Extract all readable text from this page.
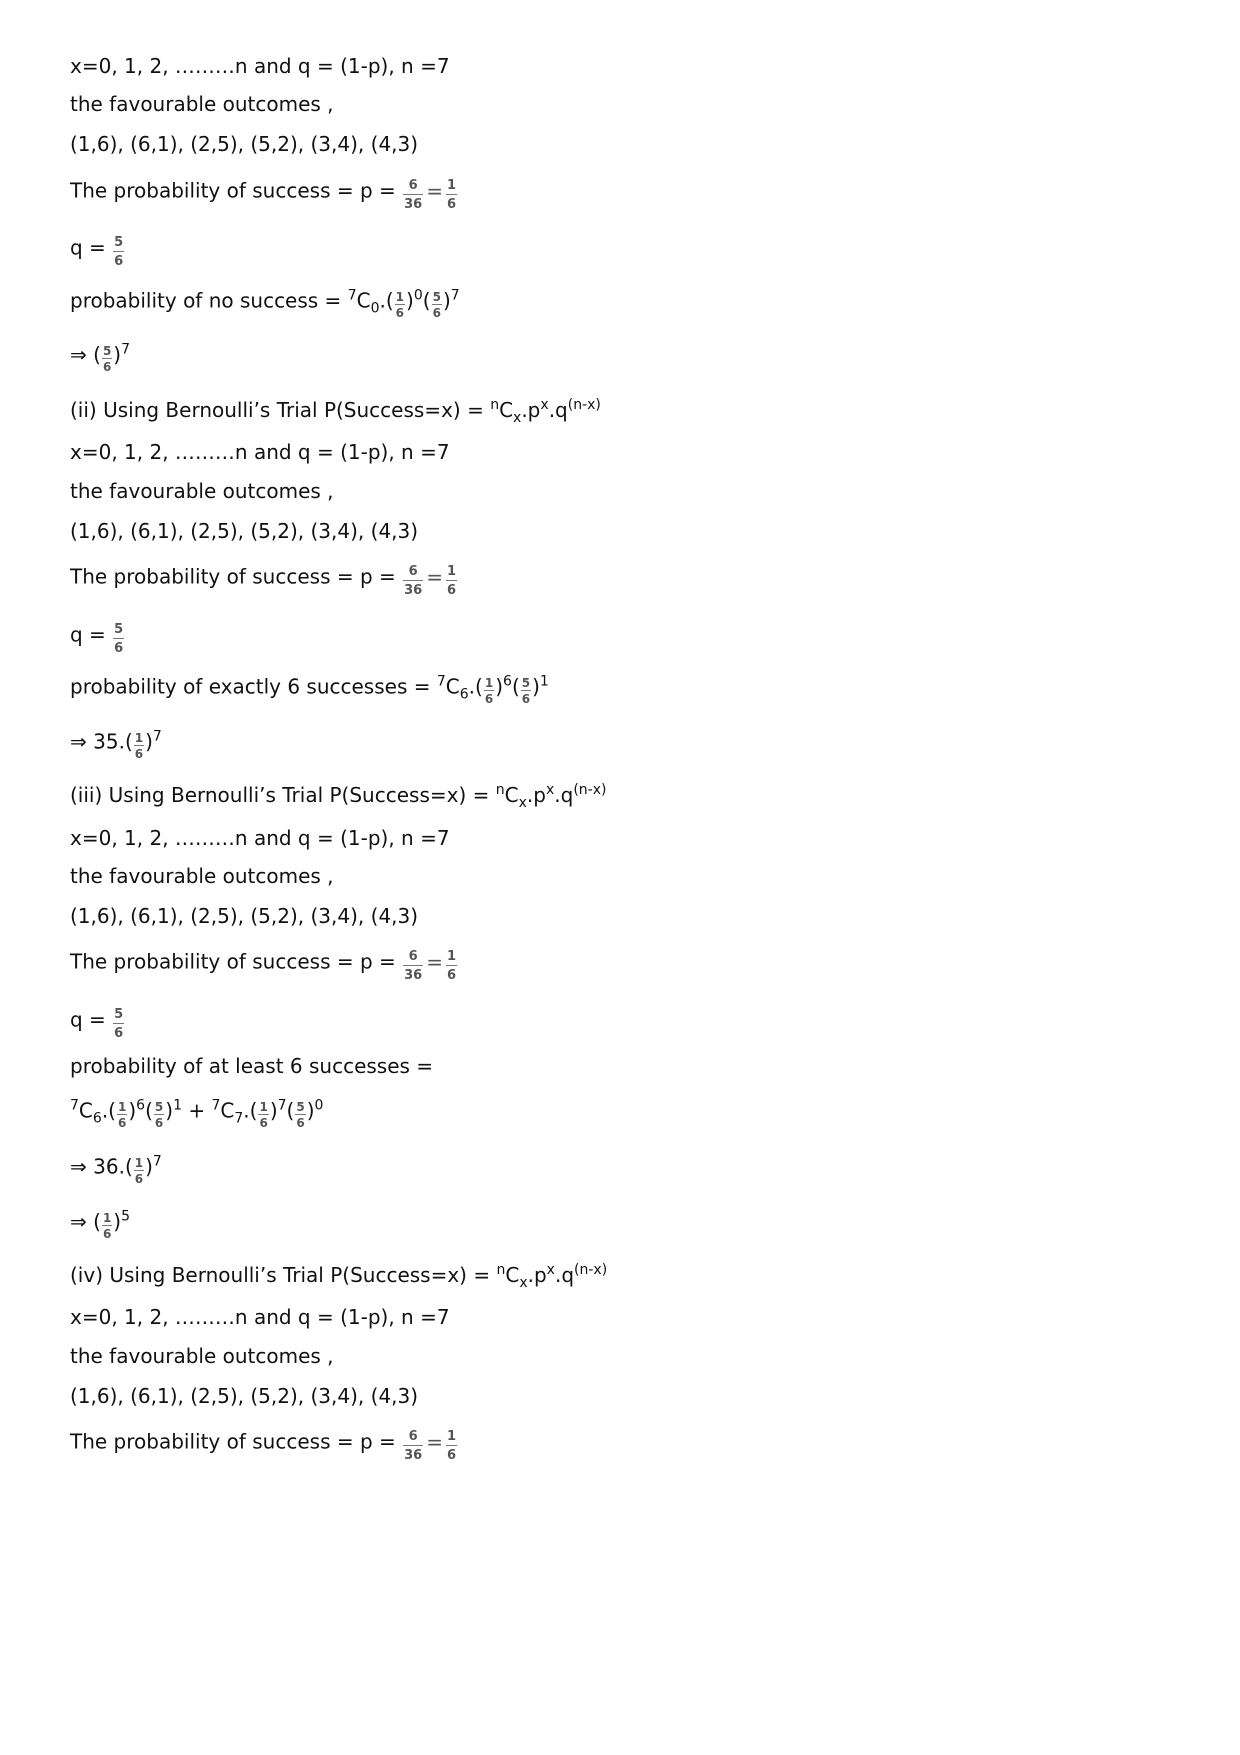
x=0, 1, 2, ………n and q = (1-p), n =7
the favourable outcomes ,
(1,6), (6,1), (2,5), (5,2), (3,4), (4,3)
The probability of success = $p = \frac{6}{36} = \frac{1}{6}$
$q = \frac{5}{6}$
probability of no success = $^7C_0.( \frac{1}{6} )^0( \frac{5}{6} )^7$
⇒ ( $\frac{5}{6} )^7$
(ii) Using Bernoulli’s Trial P(Success=x) = $^nC_x.p^x.q^{(n-x)}$
x=0, 1, 2, ………n and q = (1-p), n =7
the favourable outcomes ,
(1,6), (6,1), (2,5), (5,2), (3,4), (4,3)
The probability of success = $p = \frac{6}{36} = \frac{1}{6}$
$q = \frac{5}{6}$
probability of exactly 6 successes = $^7C_6.( \frac{1}{6} )^6( \frac{5}{6} )^1$
⇒ $35.( \frac{1}{6} )^7$
(iii) Using Bernoulli’s Trial P(Success=x) = $^nC_x.p^x.q^{(n-x)}$
x=0, 1, 2, ………n and q = (1-p), n =7
the favourable outcomes ,
(1,6), (6,1), (2,5), (5,2), (3,4), (4,3)
The probability of success = $p = \frac{6}{36} = \frac{1}{6}$
$q = \frac{5}{6}$
probability of at least 6 successes =
$^7C_6.( \frac{1}{6} )^6( \frac{5}{6} )^1 + ^7C_7.( \frac{1}{6} )^7( \frac{5}{6} )^0$
⇒ $36.( \frac{1}{6} )^7$
⇒ ( $\frac{1}{6} )^5$
(iv) Using Bernoulli’s Trial P(Success=x) = $^nC_x.p^x.q^{(n-x)}$
x=0, 1, 2, ………n and q = (1-p), n =7
the favourable outcomes ,
(1,6), (6,1), (2,5), (5,2), (3,4), (4,3)
The probability of success = $p = \frac{6}{36} = \frac{1}{6}$
